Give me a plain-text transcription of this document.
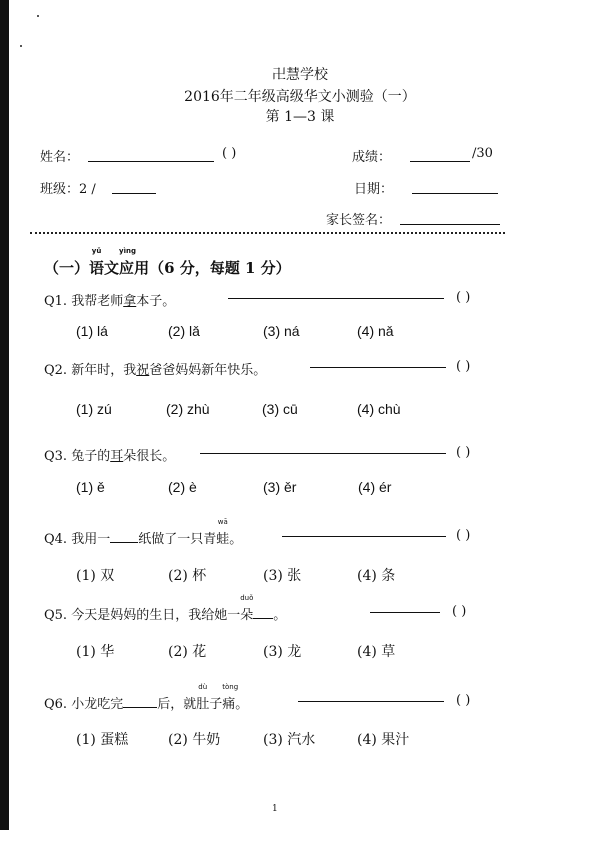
卍慧学校
2016年二年级高级华文小测验（一）
第 1—3 课
姓名：	( )	成绩：	/30
班级：2 /	日期：
家长签名：
（一）
yǔ
语文
yìng
应用（6 分，每题 1 分）
Q1. 我帮老师拿本子。	( )
(1) lá	(2) lǎ	(3) ná	(4) nǎ
Q2. 新年时，我祝爸爸妈妈新年快乐。	( )
(1) zú	(2) zhù	(3) cū	(4) chù
Q3. 兔子的耳朵很长。	( )
(1) ě	(2) è	(3) ěr	(4) ér
Q4. 我用一 纸做了一只青
wā
蛙。	( )
(1) 双	(2) 杯	(3) 张	(4) 条
Q5. 今天是妈妈的生日，我给她一
duǒ
朵 。	( )
(1) 华	(2) 花	(3) 龙	(4) 草
Q6. 小龙吃完	后，就
dù
肚子
tòng
痛。	( )
(1) 蛋糕	(2) 牛奶	(3) 汽水	(4) 果汁
1
